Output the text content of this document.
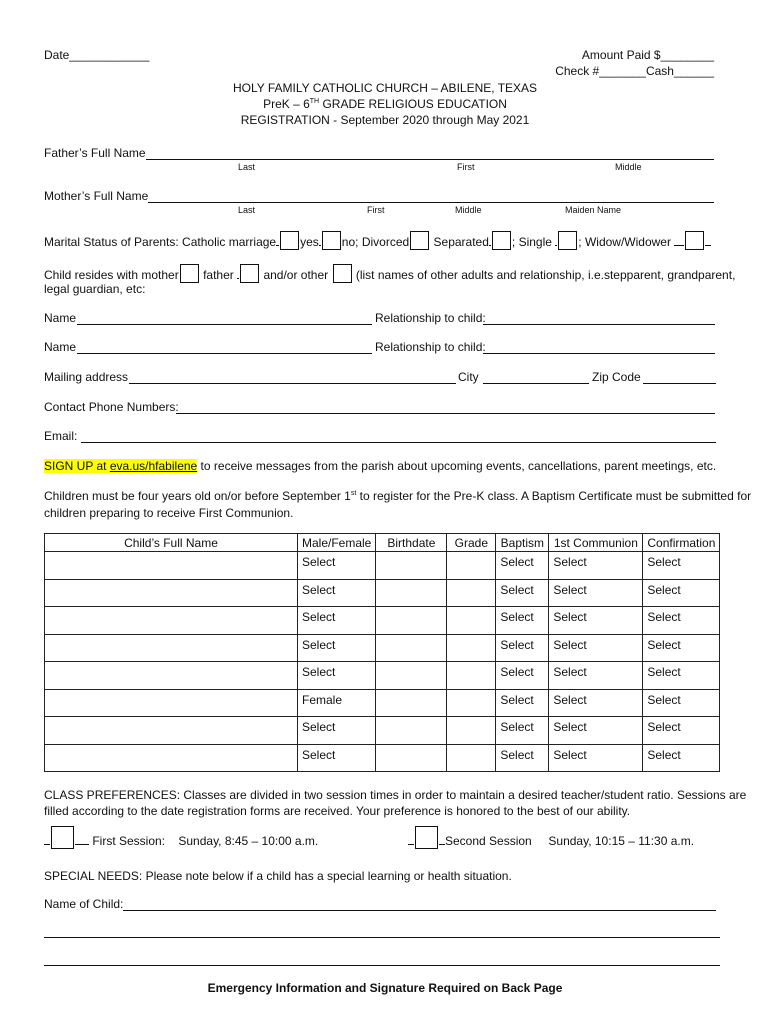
Date____________	Amount Paid $________
Check #_______Cash______
HOLY FAMILY CATHOLIC CHURCH – ABILENE, TEXAS
PreK – 6TH GRADE RELIGIOUS EDUCATION
REGISTRATION - September 2020 through May 2021
Father’s Full Name
Last	First	Middle
Mother’s Full Name
Last	First	Middle	Maiden Name
Marital Status of Parents: Catholic marriage yes no; Divorced Separated ; Single ; Widow/Widower
Child resides with mother father and/or other (list names of other adults and relationship, i.e.stepparent, grandparent,
legal guardian, etc:
Name	Relationship to child:
Name	Relationship to child:
Mailing address	City	Zip Code
Contact Phone Numbers:
Email:
SIGN UP at eva.us/hfabilene to receive messages from the parish about upcoming events, cancellations, parent meetings, etc.
Children must be four years old on/or before September 1st to register for the Pre-K class. A Baptism Certificate must be submitted for
children preparing to receive First Communion.
Child’s Full Name	Male/Female	Birthdate	Grade	Baptism	1st Communion	Confirmation

	Select			Select	Select	Select

	Select			Select	Select	Select

	Select			Select	Select	Select

	Select			Select	Select	Select

	Select			Select	Select	Select

	Female			Select	Select	Select

	Select			Select	Select	Select

	Select			Select	Select	Select
CLASS PREFERENCES: Classes are divided in two session times in order to maintain a desired teacher/student ratio. Sessions are
filled according to the date registration forms are received. Your preference is honored to the best of our ability.
First Session: Sunday, 8:45 – 10:00 a.m.	Second Session Sunday, 10:15 – 11:30 a.m.
SPECIAL NEEDS: Please note below if a child has a special learning or health situation.
Name of Child:
Emergency Information and Signature Required on Back Page
